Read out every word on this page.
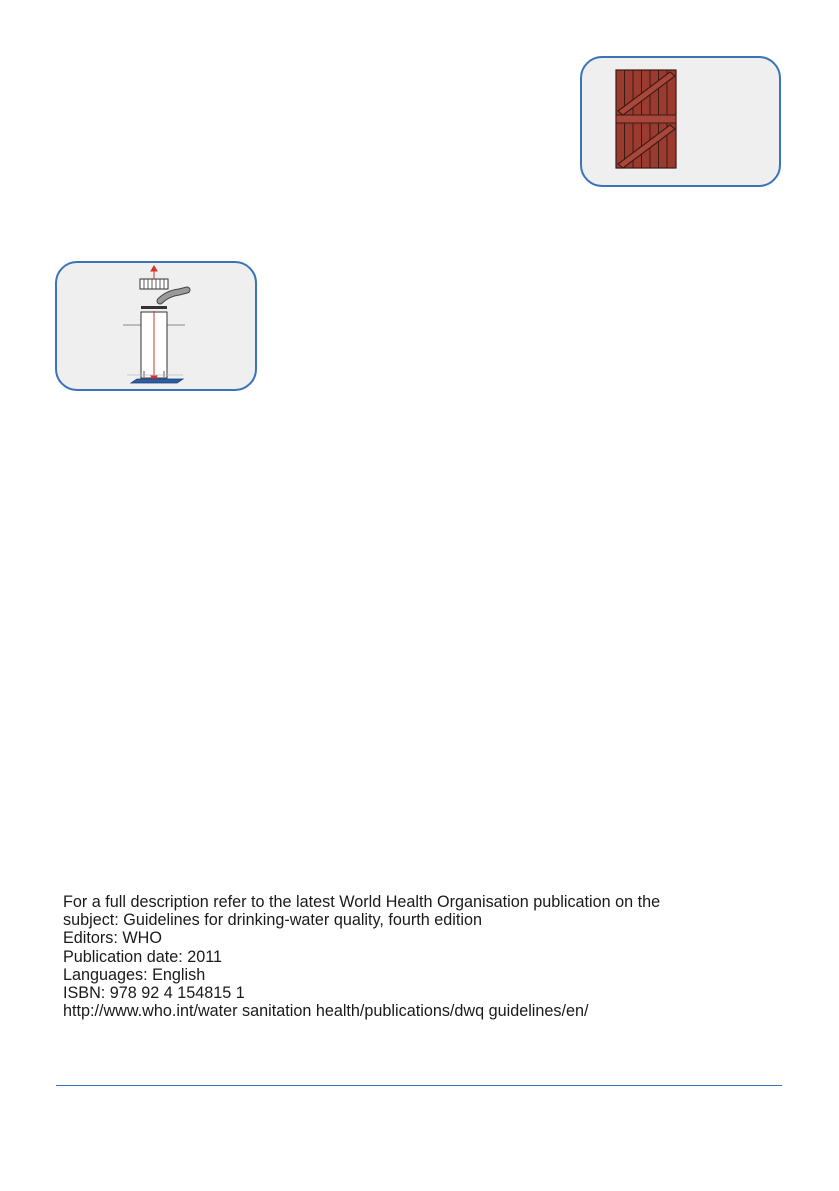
For a full description refer to the latest World Health Organisation publication on the
subject: Guidelines for drinking-water quality, fourth edition
Editors: WHO
Publication date: 2011
Languages: English
ISBN: 978 92 4 154815 1
http://www.who.int/water sanitation health/publications/dwq guidelines/en/
